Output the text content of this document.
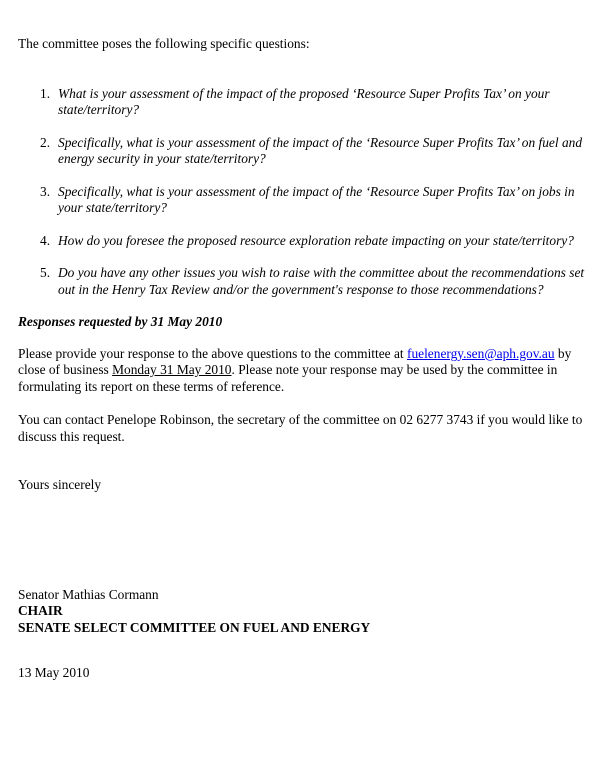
The committee poses the following specific questions:

1. What is your assessment of the impact of the proposed ‘Resource Super Profits Tax’ on your state/territory?
2. Specifically, what is your assessment of the impact of the ‘Resource Super Profits Tax’ on fuel and energy security in your state/territory?
3. Specifically, what is your assessment of the impact of the ‘Resource Super Profits Tax’ on jobs in your state/territory?
4. How do you foresee the proposed resource exploration rebate impacting on your state/territory?
5. Do you have any other issues you wish to raise with the committee about the recommendations set out in the Henry Tax Review and/or the government's response to those recommendations?

Responses requested by 31 May 2010

Please provide your response to the above questions to the committee at fuelenergy.sen@aph.gov.au by close of business Monday 31 May 2010. Please note your response may be used by the committee in formulating its report on these terms of reference.

You can contact Penelope Robinson, the secretary of the committee on 02 6277 3743 if you would like to discuss this request.

Yours sincerely

Senator Mathias Cormann

CHAIR

SENATE SELECT COMMITTEE ON FUEL AND ENERGY

13 May 2010
